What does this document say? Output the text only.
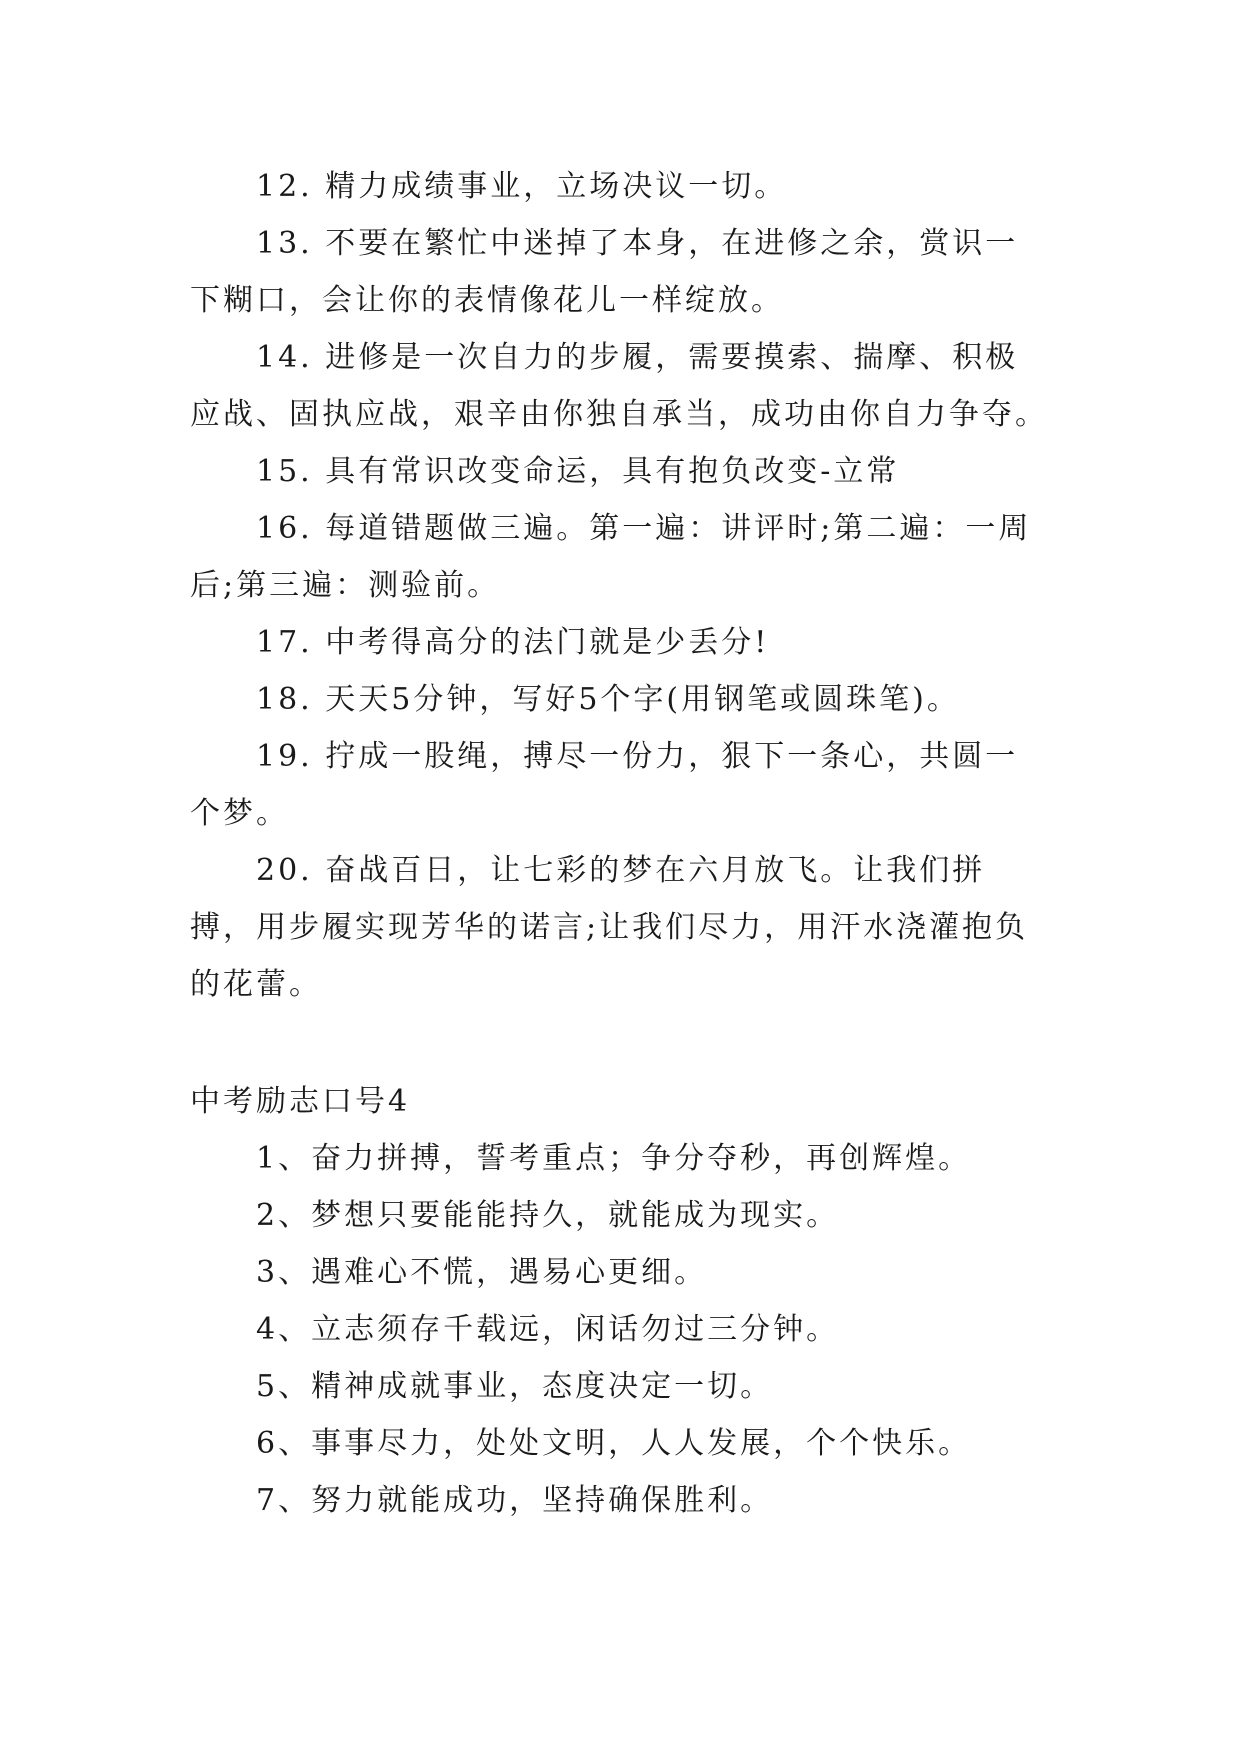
12. 精力成绩事业，立场决议一切。

13. 不要在繁忙中迷掉了本身，在进修之余，赏识一下糊口，会让你的表情像花儿一样绽放。

14. 进修是一次自力的步履，需要摸索、揣摩、积极应战、固执应战，艰辛由你独自承当，成功由你自力争夺。

15. 具有常识改变命运，具有抱负改变-立常

16. 每道错题做三遍。第一遍：讲评时;第二遍：一周后;第三遍：测验前。

17. 中考得高分的法门就是少丢分!

18. 天天5分钟，写好5个字(用钢笔或圆珠笔)。

19. 拧成一股绳，搏尽一份力，狠下一条心，共圆一个梦。

20. 奋战百日，让七彩的梦在六月放飞。让我们拼搏，用步履实现芳华的诺言;让我们尽力，用汗水浇灌抱负的花蕾。

中考励志口号4

1、奋力拼搏，誓考重点；争分夺秒，再创辉煌。

2、梦想只要能能持久，就能成为现实。

3、遇难心不慌，遇易心更细。

4、立志须存千载远，闲话勿过三分钟。

5、精神成就事业，态度决定一切。

6、事事尽力，处处文明，人人发展，个个快乐。

7、努力就能成功，坚持确保胜利。
